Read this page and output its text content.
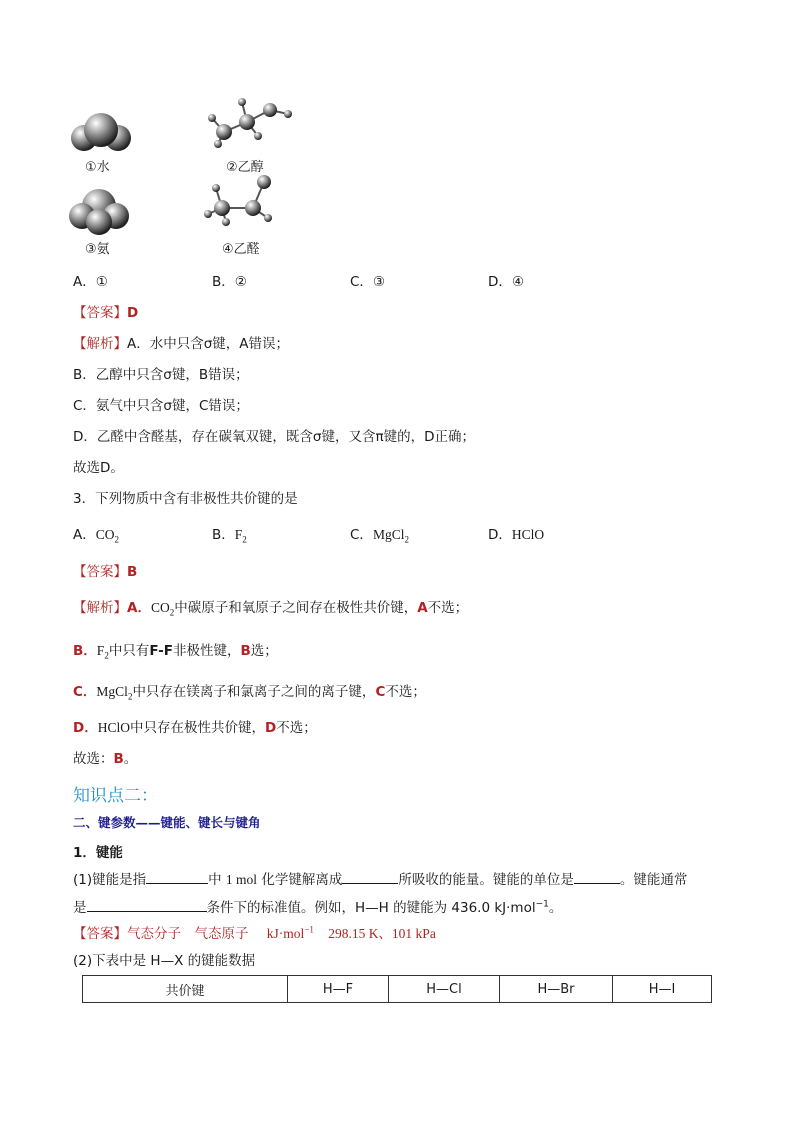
①水	②乙醇
③氨	④乙醛
A．①	B．②	C．③	D．④
【答案】D
【解析】A．水中只含σ键，A错误；
B．乙醇中只含σ键，B错误；
C．氨气中只含σ键，C错误；
D．乙醛中含醛基，存在碳氧双键，既含σ键，又含π键的，D正确；
故选D。
3．下列物质中含有非极性共价键的是
A．$CO_2$	B．$F_2$	C．MgCl$_2$	D．HClO
【答案】B
【解析】A．$CO_2$中碳原子和氧原子之间存在极性共价键，A不选；
B．$F_2$中只有F-F非极性键，B选；
C．MgCl$_2$中只存在镁离子和氯离子之间的离子键，C不选；
D．HClO中只存在极性共价键，D不选；
故选：B。
知识点二：
二、键参数——键能、键长与键角
1．键能
(1)键能是指	中 1 mol 化学键解离成	所吸收的能量。键能的单位是	。键能通常
是	条件下的标准值。例如，H—H 的键能为 436.0 kJ·mol$^{-1}$。
【答案】气态分子　气态原子 kJ·mol$^{-1}$ 298.15 K、101 kPa
(2)下表中是 H—X 的键能数据
共价键	H—F	H—Cl	H—Br	H—I
